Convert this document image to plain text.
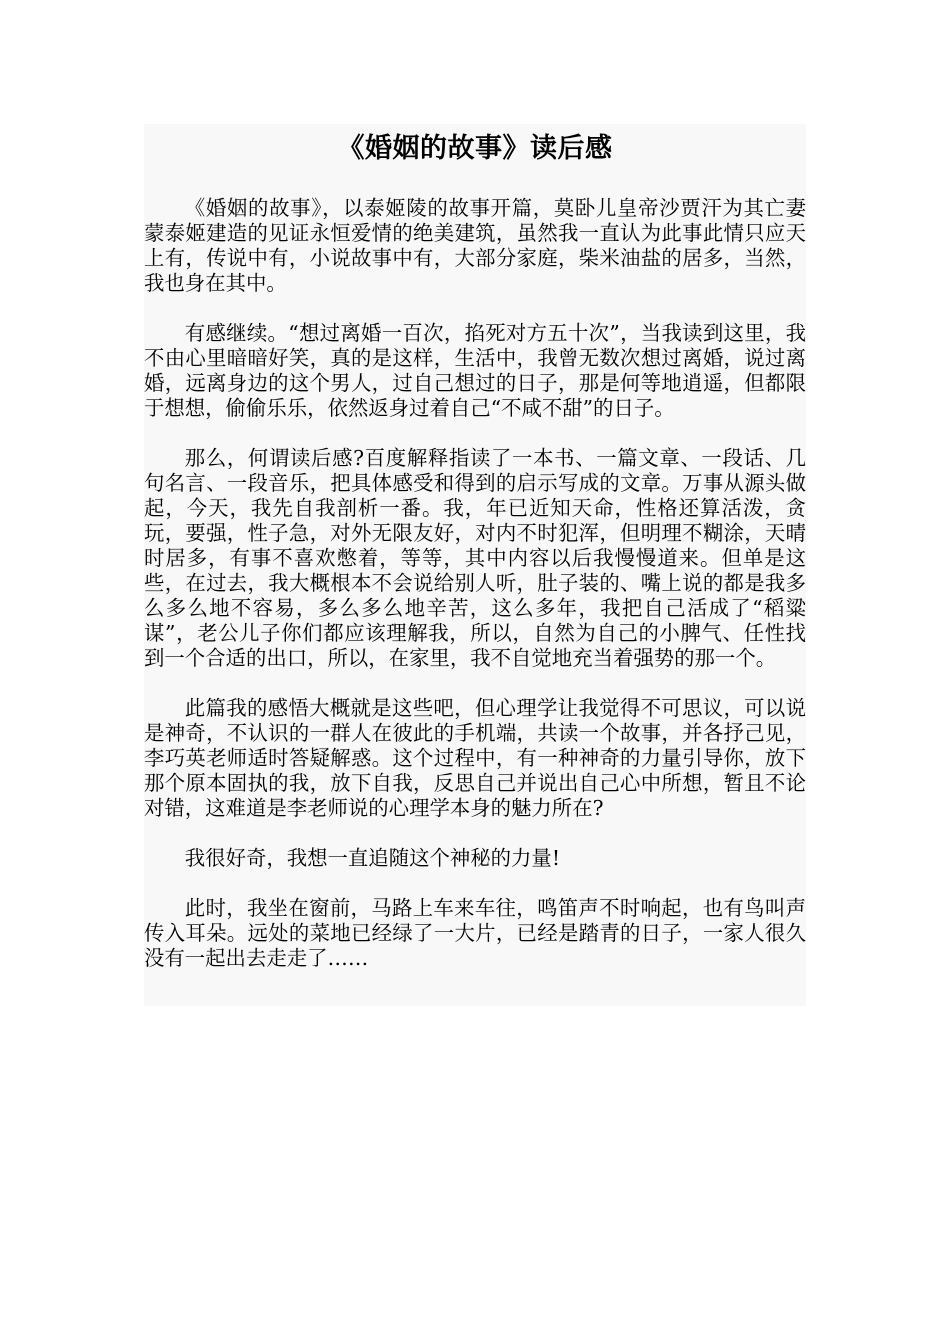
《婚姻的故事》读后感

《婚姻的故事》，以泰姬陵的故事开篇，莫卧儿皇帝沙贾汗为其亡妻蒙泰姬建造的见证永恒爱情的绝美建筑，虽然我一直认为此事此情只应天上有，传说中有，小说故事中有，大部分家庭，柴米油盐的居多，当然，我也身在其中。

有感继续。“想过离婚一百次，掐死对方五十次”，当我读到这里，我不由心里暗暗好笑，真的是这样，生活中，我曾无数次想过离婚，说过离婚，远离身边的这个男人，过自己想过的日子，那是何等地逍遥，但都限于想想，偷偷乐乐，依然返身过着自己“不咸不甜”的日子。

那么，何谓读后感?百度解释指读了一本书、一篇文章、一段话、几句名言、一段音乐，把具体感受和得到的启示写成的文章。万事从源头做起，今天，我先自我剖析一番。我，年已近知天命，性格还算活泼，贪玩，要强，性子急，对外无限友好，对内不时犯浑，但明理不糊涂，天晴时居多，有事不喜欢憋着，等等，其中内容以后我慢慢道来。但单是这些，在过去，我大概根本不会说给别人听，肚子装的、嘴上说的都是我多么多么地不容易，多么多么地辛苦，这么多年，我把自己活成了“稻粱谋”，老公儿子你们都应该理解我，所以，自然为自己的小脾气、任性找到一个合适的出口，所以，在家里，我不自觉地充当着强势的那一个。

此篇我的感悟大概就是这些吧，但心理学让我觉得不可思议，可以说是神奇，不认识的一群人在彼此的手机端，共读一个故事，并各抒己见，李巧英老师适时答疑解惑。这个过程中，有一种神奇的力量引导你，放下那个原本固执的我，放下自我，反思自己并说出自己心中所想，暂且不论对错，这难道是李老师说的心理学本身的魅力所在?

我很好奇，我想一直追随这个神秘的力量!

此时，我坐在窗前，马路上车来车往，鸣笛声不时响起，也有鸟叫声传入耳朵。远处的菜地已经绿了一大片，已经是踏青的日子，一家人很久没有一起出去走走了……
